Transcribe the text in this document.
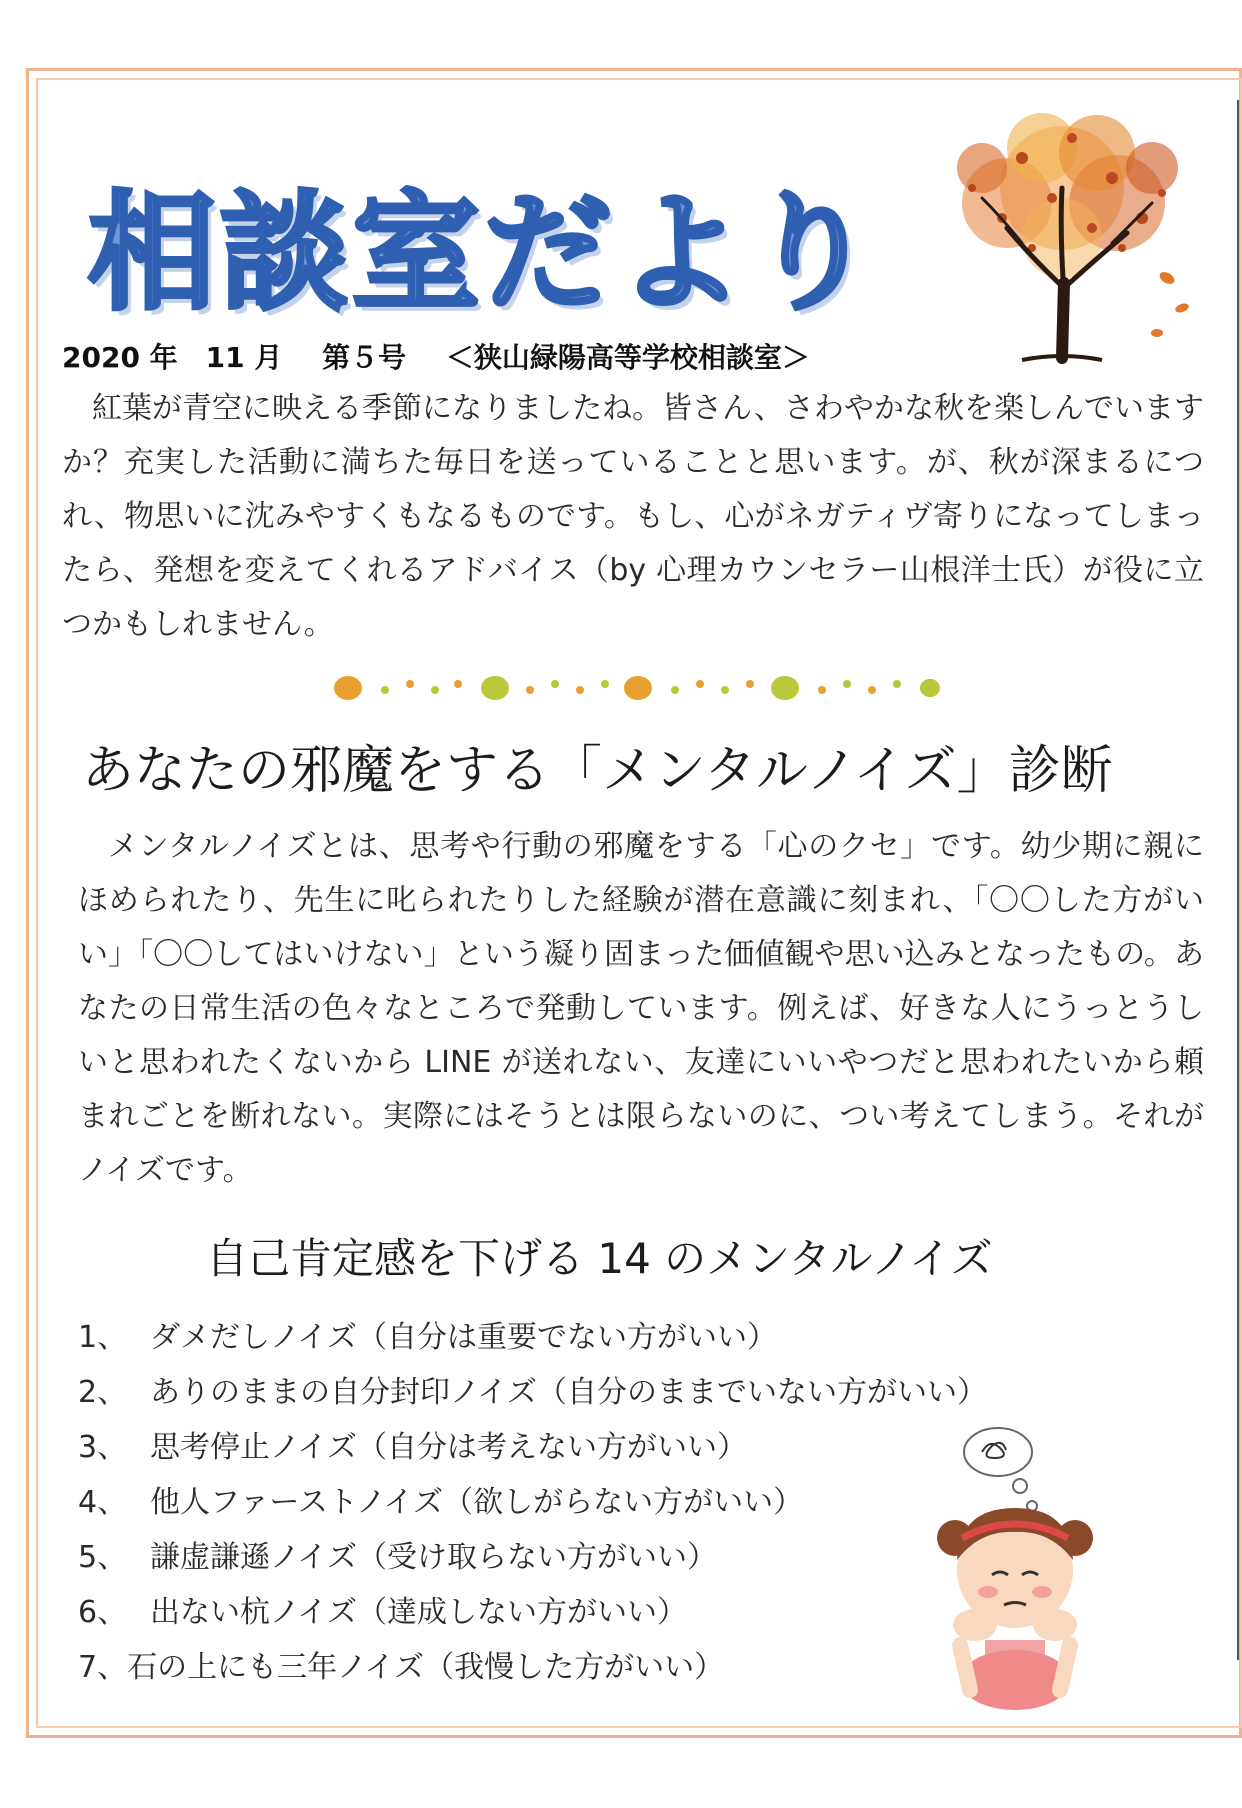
相談室だより
2020 年　11 月 第５号 ＜狭山緑陽高等学校相談室＞
紅葉が青空に映える季節になりましたね。皆さん、さわやかな秋を楽しんでいますか？充実した活動に満ちた毎日を送っていることと思います。が、秋が深まるにつれ、物思いに沈みやすくもなるものです。もし、心がネガティヴ寄りになってしまったら、発想を変えてくれるアドバイス（by 心理カウンセラー山根洋士氏）が役に立つかもしれません。
あなたの邪魔をする「メンタルノイズ」診断
メンタルノイズとは、思考や行動の邪魔をする「心のクセ」です。幼少期に親にほめられたり、先生に叱られたりした経験が潜在意識に刻まれ、「〇〇した方がいい」「〇〇してはいけない」という凝り固まった価値観や思い込みとなったもの。あなたの日常生活の色々なところで発動しています。例えば、好きな人にうっとうしいと思われたくないから LINE が送れない、友達にいいやつだと思われたいから頼まれごとを断れない。実際にはそうとは限らないのに、つい考えてしまう。それがノイズです。
自己肯定感を下げる 14 のメンタルノイズ
1、 ダメだしノイズ（自分は重要でない方がいい）
2、 ありのままの自分封印ノイズ（自分のままでいない方がいい）
3、 思考停止ノイズ（自分は考えない方がいい）
4、 他人ファーストノイズ（欲しがらない方がいい）
5、 謙虚謙遜ノイズ（受け取らない方がいい）
6、 出ない杭ノイズ（達成しない方がいい）
7、石の上にも三年ノイズ（我慢した方がいい）
